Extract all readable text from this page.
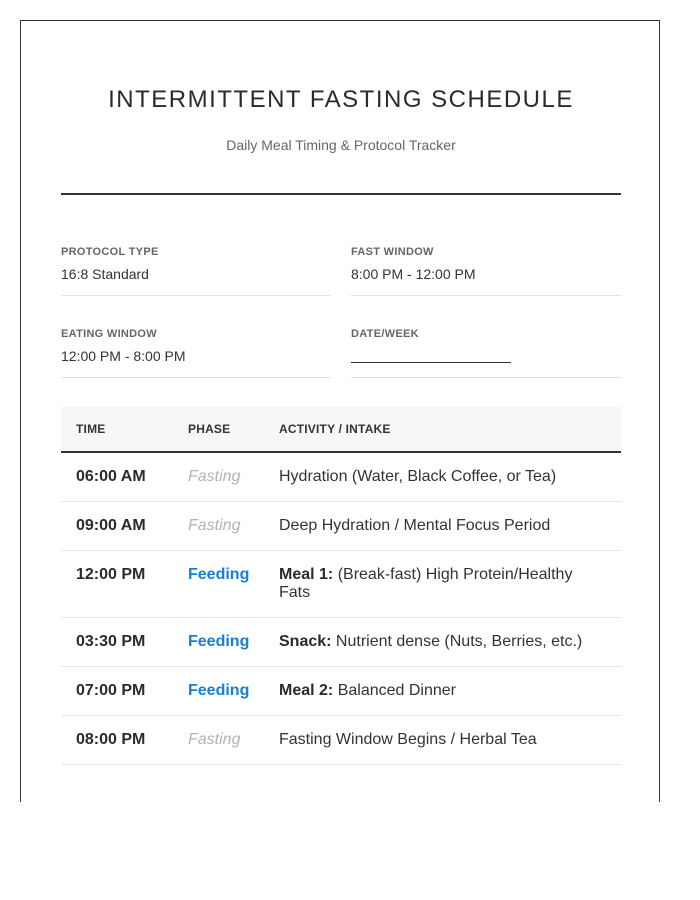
INTERMITTENT FASTING SCHEDULE
Daily Meal Timing & Protocol Tracker
PROTOCOL TYPE
16:8 Standard
FAST WINDOW
8:00 PM - 12:00 PM
EATING WINDOW
12:00 PM - 8:00 PM
DATE/WEEK
TIME	PHASE	ACTIVITY / INTAKE
06:00 AM	Fasting	Hydration (Water, Black Coffee, or Tea)
09:00 AM	Fasting	Deep Hydration / Mental Focus Period
12:00 PM	Feeding	Meal 1: (Break-fast) High Protein/Healthy Fats
03:30 PM	Feeding	Snack: Nutrient dense (Nuts, Berries, etc.)
07:00 PM	Feeding	Meal 2: Balanced Dinner
08:00 PM	Fasting	Fasting Window Begins / Herbal Tea
